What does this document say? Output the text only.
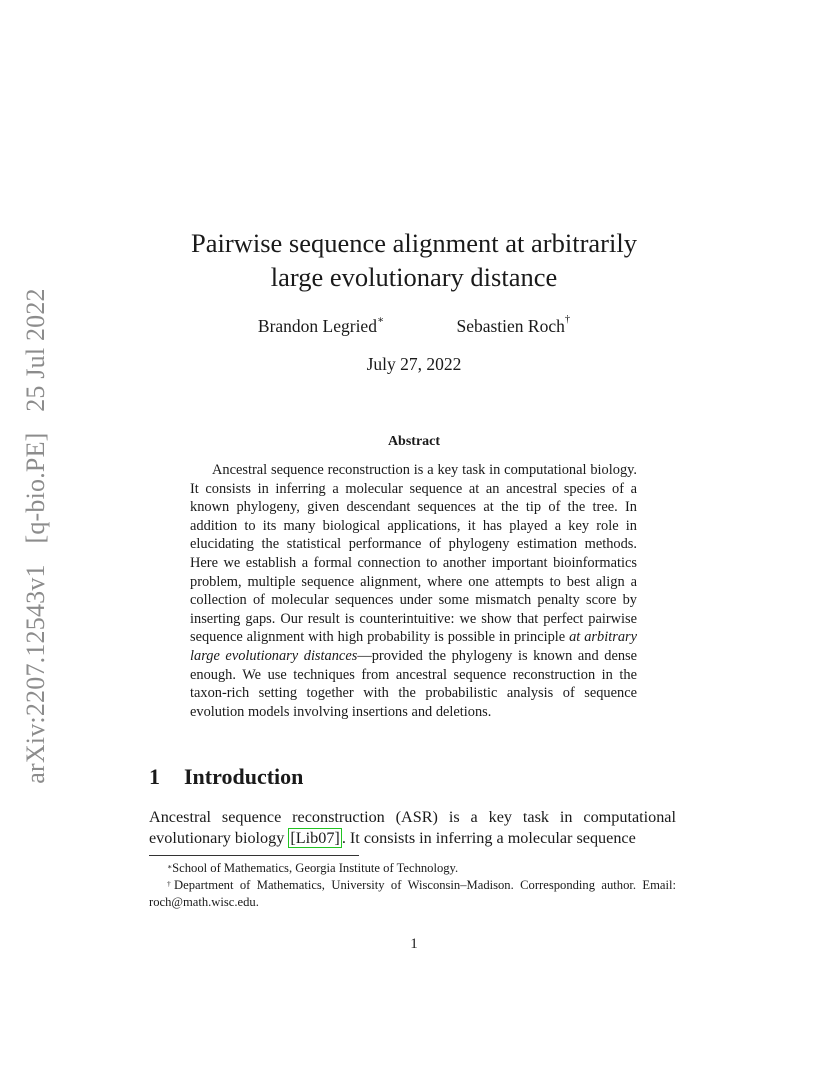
arXiv:2207.12543v1 [q-bio.PE] 25 Jul 2022
Pairwise sequence alignment at arbitrarily
large evolutionary distance
Brandon Legried∗	Sebastien Roch†
July 27, 2022
Abstract

Ancestral sequence reconstruction is a key task in computational biology. It consists in inferring a molecular sequence at an ancestral species of a known phylogeny, given descendant sequences at the tip of the tree. In addition to its many biological applications, it has played a key role in elucidating the statistical performance of phylogeny estimation methods. Here we establish a formal connection to another important bioinformatics problem, multiple sequence alignment, where one attempts to best align a collection of molecular sequences under some mismatch penalty score by inserting gaps. Our result is counterintuitive: we show that perfect pairwise sequence alignment with high probability is possible in principle at arbitrary large evolutionary distances—provided the phylogeny is known and dense enough. We use techniques from ancestral sequence reconstruction in the taxon-rich setting together with the probabilistic analysis of sequence evolution models involving insertions and deletions.

1 Introduction

Ancestral sequence reconstruction (ASR) is a key task in computational evolutionary biology [Lib07] . It consists in inferring a molecular sequence

∗School of Mathematics, Georgia Institute of Technology.

†Department of Mathematics, University of Wisconsin–Madison. Corresponding author. Email: roch@math.wisc.edu.

1
